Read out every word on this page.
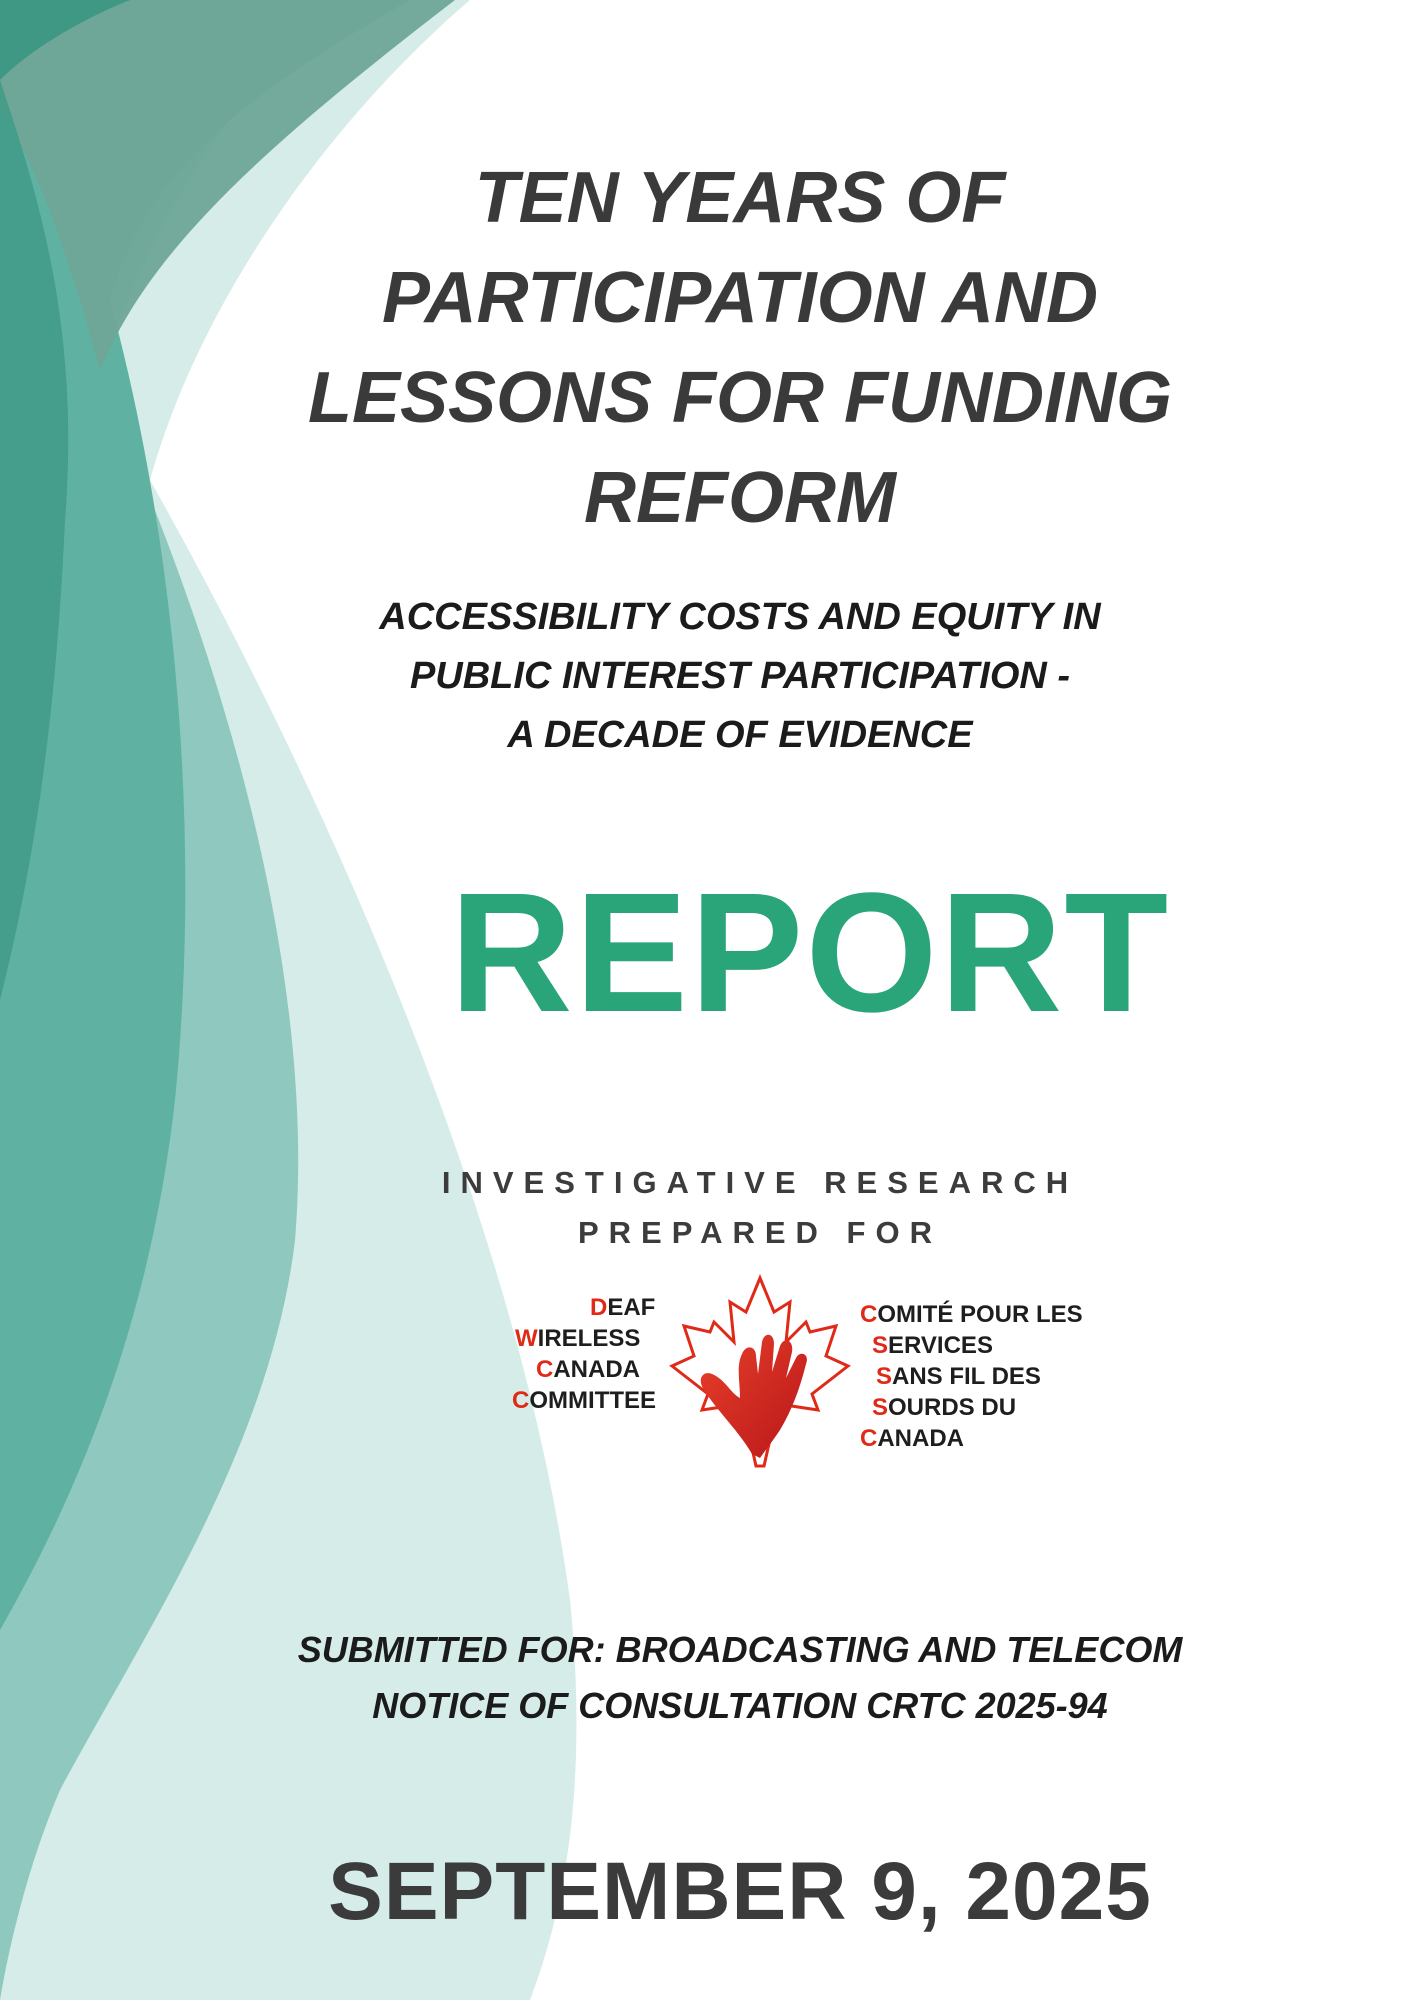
TEN YEARS OF
PARTICIPATION AND
LESSONS FOR FUNDING
REFORM
ACCESSIBILITY COSTS AND EQUITY IN
PUBLIC INTEREST PARTICIPATION -
A DECADE OF EVIDENCE
REPORT
INVESTIGATIVE RESEARCH
PREPARED FOR
DEAF
WIRELESS
CANADA
COMMITTEE
COMITÉ POUR LES
SERVICES
SANS FIL DES
SOURDS DU
CANADA
SUBMITTED FOR: BROADCASTING AND TELECOM
NOTICE OF CONSULTATION CRTC 2025-94
SEPTEMBER 9, 2025
